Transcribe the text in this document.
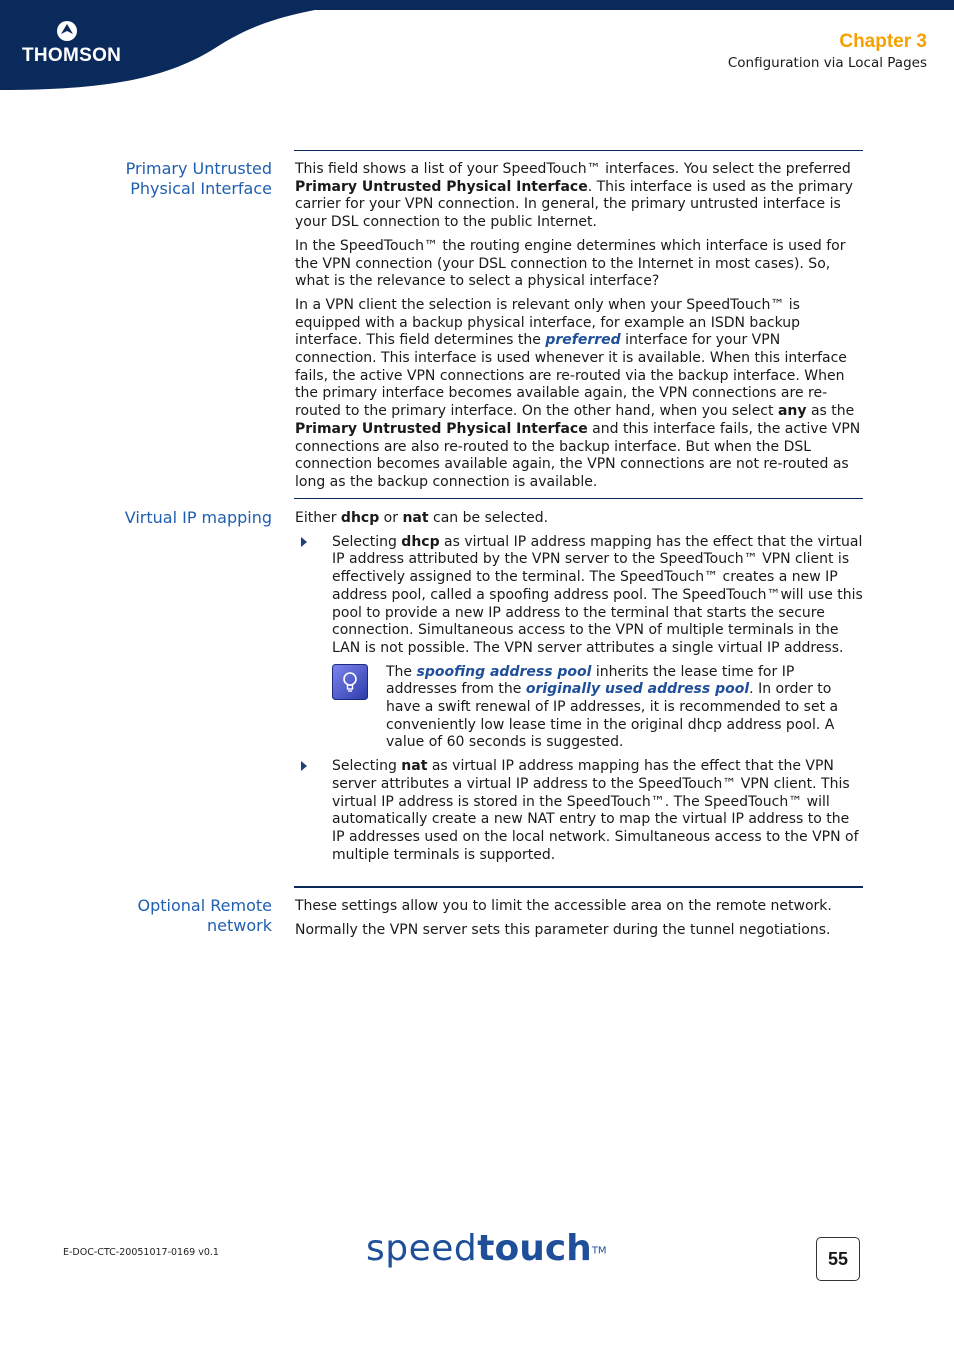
THOMSON
Chapter 3
Configuration via Local Pages
Primary Untrusted
Physical Interface

This field shows a list of your SpeedTouch™ interfaces. You select the preferred Primary Untrusted Physical Interface. This interface is used as the primary carrier for your VPN connection. In general, the primary untrusted interface is your DSL connection to the public Internet.

In the SpeedTouch™ the routing engine determines which interface is used for the VPN connection (your DSL connection to the Internet in most cases). So, what is the relevance to select a physical interface?

In a VPN client the selection is relevant only when your SpeedTouch™ is equipped with a backup physical interface, for example an ISDN backup interface. This field determines the preferred interface for your VPN connection. This interface is used whenever it is available. When this interface fails, the active VPN connections are re-routed via the backup interface. When the primary interface becomes available again, the VPN connections are re-routed to the primary interface. On the other hand, when you select any as the Primary Untrusted Physical Interface and this interface fails, the active VPN connections are also re-routed to the backup interface. But when the DSL connection becomes available again, the VPN connections are not re-routed as long as the backup connection is available.

Virtual IP mapping Either dhcp or nat can be selected.

Selecting dhcp as virtual IP address mapping has the effect that the virtual IP address attributed by the VPN server to the SpeedTouch™ VPN client is effectively assigned to the terminal. The SpeedTouch™ creates a new IP address pool, called a spoofing address pool. The SpeedTouch™will use this pool to provide a new IP address to the terminal that starts the secure connection. Simultaneous access to the VPN of multiple terminals in the LAN is not possible. The VPN server attributes a single virtual IP address.
The spoofing address pool inherits the lease time for IP addresses from the originally used address pool. In order to have a swift renewal of IP addresses, it is recommended to set a conveniently low lease time in the original dhcp address pool. A value of 60 seconds is suggested.
Selecting nat as virtual IP address mapping has the effect that the VPN server attributes a virtual IP address to the SpeedTouch™ VPN client. This virtual IP address is stored in the SpeedTouch™. The SpeedTouch™ will automatically create a new NAT entry to map the virtual IP address to the IP addresses used on the local network. Simultaneous access to the VPN of multiple terminals is supported.
Optional Remote
network

These settings allow you to limit the accessible area on the remote network.

Normally the VPN server sets this parameter during the tunnel negotiations.

E-DOC-CTC-20051017-0169 v0.1	speedtouch™	55
